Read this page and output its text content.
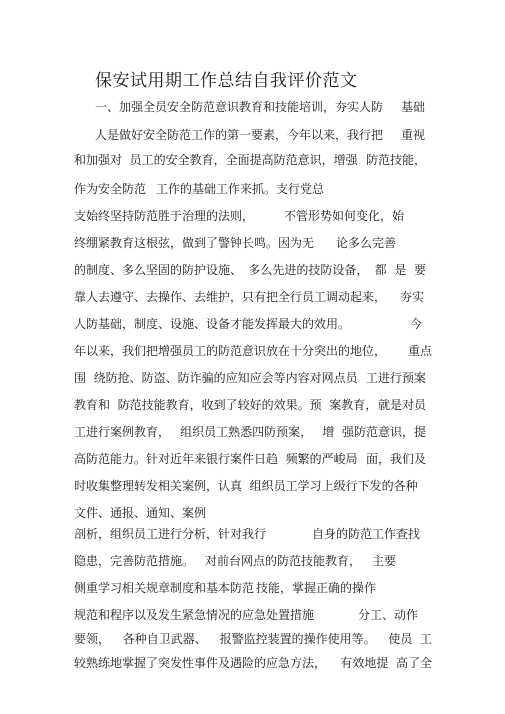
保安试用期工作总结自我评价范文
一、加强全员安全防范意识教育和技能培训，夯实人防 基础
人是做好安全防范工作的第一要素，今年以来，我行把 重视
和加强对  员工的安全教育，全面提高防范意识，增强 防范技能，
作为安全防范 工作的基础工作来抓。支行党总
支始终坚持防范胜于治理的法则， 不管形势如何变化，始
终绷紧教育这根弦，做到了警钟长鸣。因为无 论多么完善
的制度、多么坚固的防护设施、 多么先进的技防设备， 都  是  要
靠人去遵守、去操作、去维护，只有把全行员工调动起来， 夯实
人防基础，制度、设施、设备才能发挥最大的效用。	今
年以来，我们把增强员工的防范意识放在十分突出的地位， 重点
围  绕防抢、防盗、防诈骗的应知应会等内容对网点员 工进行预案
教育和  防范技能教育，收到了较好的效果。预  案教育， 就是对员
工进行案例教育， 组织员工熟悉四防预案， 增  强防范意识，提
高防范能力。针对近年来银行案件日趋  频繁的严峻局 面，我们及
时收集整理转发相关案例，认真  组织员工学习上级行下发的各种
文件、通报、通知、案例
剖析，组织员工进行分析，针对我行	自身的防范工作查找
隐患，完善防范措施。 对前台网点的防范技能教育， 主要
侧重学习相关规章制度和基本防范 技能，掌握正确的操作
规范和程序以及发生紧急情况的应急处置措施	分工、动作
要领， 各种自卫武器、 报警监控装置的操作使用等。 使员  工
较熟练地掌握了突发性事件及遇险的应急方法， 有效地提  高了全
